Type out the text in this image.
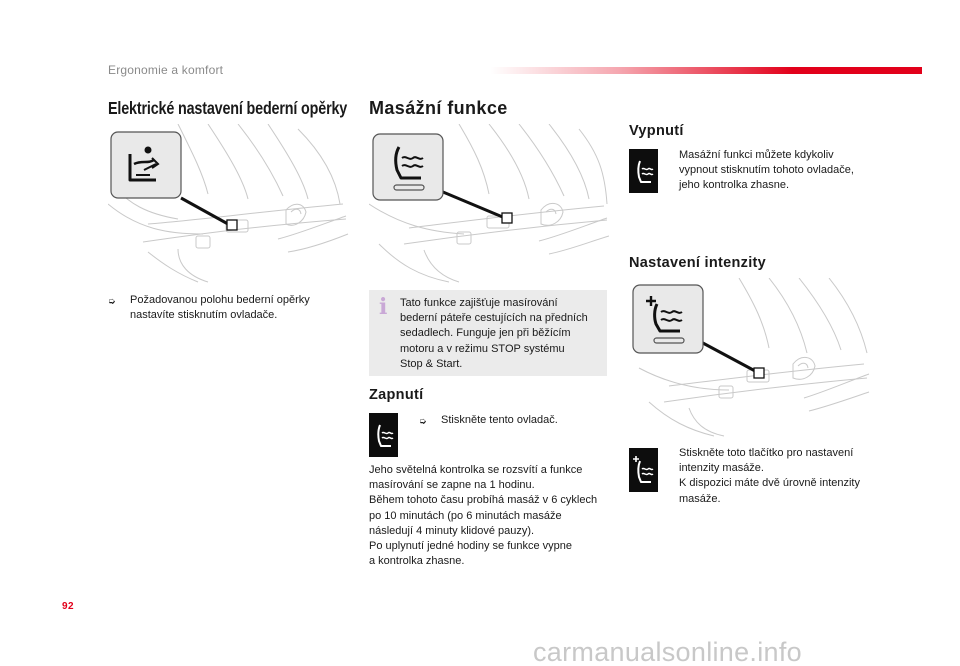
Ergonomie a komfort
Elektrické nastavení bederní opěrky Masážní funkce
➭	Požadovanou polohu bederní opěrky
nastavíte stisknutím ovladače.	i Tato funkce zajišťuje masírování
bederní páteře cestujících na předních
sedadlech. Funguje jen při běžícím
motoru a v režimu STOP systému
Stop & Start.
Zapnutí
➭	Stiskněte tento ovladač.
Jeho světelná kontrolka se rozsvítí a funkce
masírování se zapne na 1 hodinu.
Během tohoto času probíhá masáž v 6 cyklech
po 10 minutách (po 6 minutách masáže
následují 4 minuty klidové pauzy).
Po uplynutí jedné hodiny se funkce vypne
a kontrolka zhasne.
Vypnutí
Masážní funkci můžete kdykoliv
vypnout stisknutím tohoto ovladače,
jeho kontrolka zhasne.
Nastavení intenzity
Stiskněte toto tlačítko pro nastavení
intenzity masáže.
K dispozici máte dvě úrovně intenzity
masáže.
92
carmanualsonline.info
